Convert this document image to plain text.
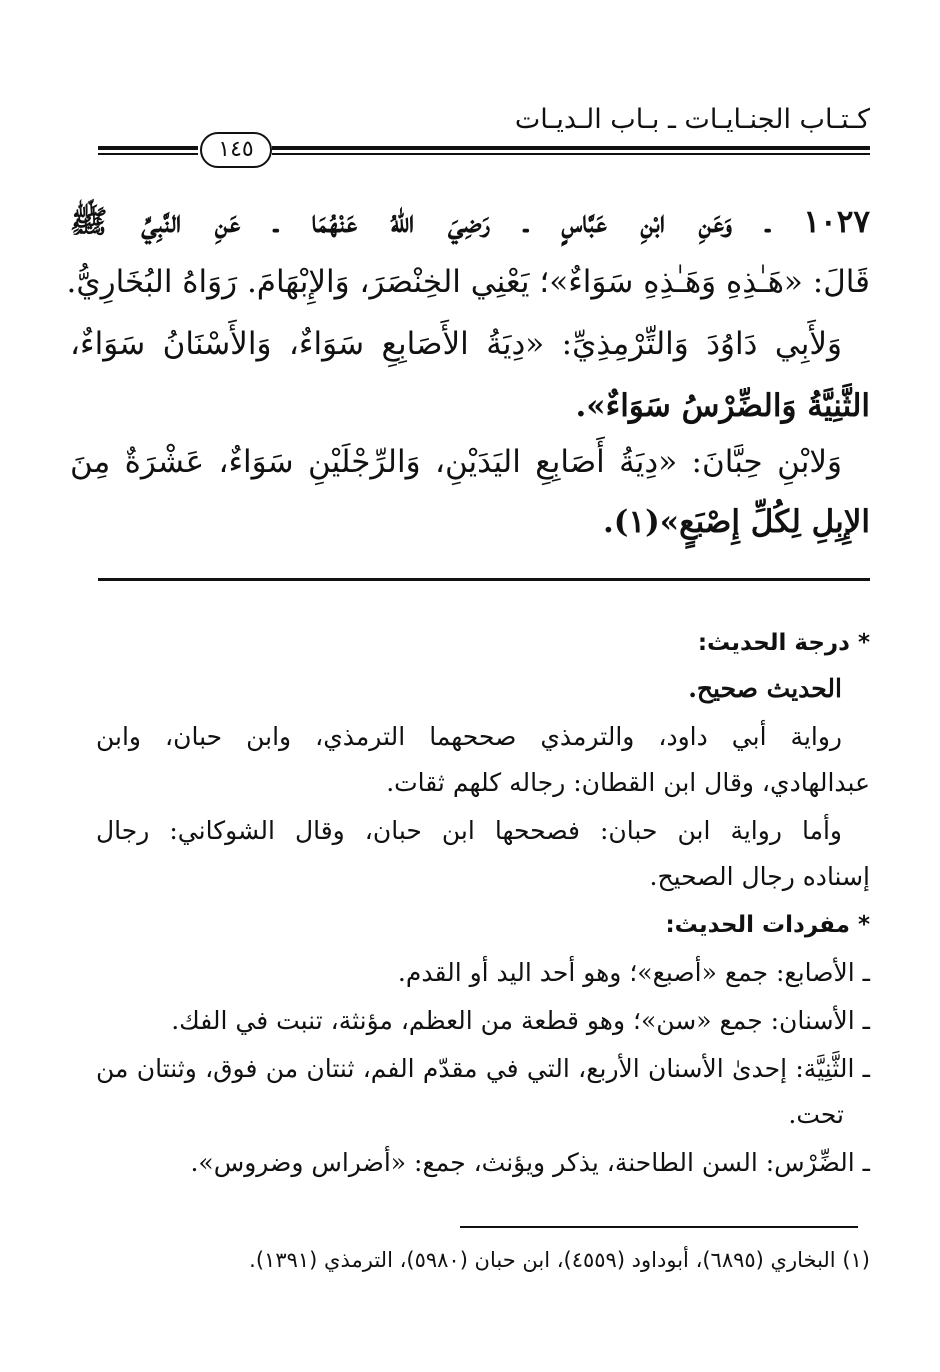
كـتـاب الجنـايـات ـ بـاب الـديـات
١٤٥
١٠٢٧ ـ وَعَنِ ابْنِ عَبَّاسٍ ـ رَضِيَ اللهُ عَنْهُمَا ـ عَنِ النَّبِيِّ ﷺ
قَالَ: «هَـٰذِهِ وَهَـٰذِهِ سَوَاءٌ»؛ يَعْنِي الخِنْصَرَ، وَالإِبْهَامَ. رَوَاهُ البُخَارِيُّ.
وَلأَبِي دَاوُدَ وَالتِّرْمِذِيِّ: «دِيَةُ الأَصَابِعِ سَوَاءٌ، وَالأَسْنَانُ سَوَاءٌ،
الثَّنِيَّةُ وَالضِّرْسُ سَوَاءٌ».
وَلابْنِ حِبَّانَ: «دِيَةُ أَصَابِعِ اليَدَيْنِ، وَالرِّجْلَيْنِ سَوَاءٌ، عَشْرَةٌ مِنَ
الإِبِلِ لِكُلِّ إِصْبَعٍ»(١).
* درجة الحديث:
الحديث صحيح.
رواية أبي داود، والترمذي صححهما الترمذي، وابن حبان، وابن
عبدالهادي، وقال ابن القطان: رجاله كلهم ثقات.
وأما رواية ابن حبان: فصححها ابن حبان، وقال الشوكاني: رجال
إسناده رجال الصحيح.
* مفردات الحديث:
ـ الأصابع: جمع «أصبع»؛ وهو أحد اليد أو القدم.
ـ الأسنان: جمع «سن»؛ وهو قطعة من العظم، مؤنثة، تنبت في الفك.
ـ الثَّنِيَّة: إحدىٰ الأسنان الأربع، التي في مقدّم الفم، ثنتان من فوق، وثنتان من
تحت.
ـ الضِّرْس: السن الطاحنة، يذكر ويؤنث، جمع: «أضراس وضروس».
(١) البخاري (٦٨٩٥)، أبوداود (٤٥٥٩)، ابن حبان (٥٩٨٠)، الترمذي (١٣٩١).
